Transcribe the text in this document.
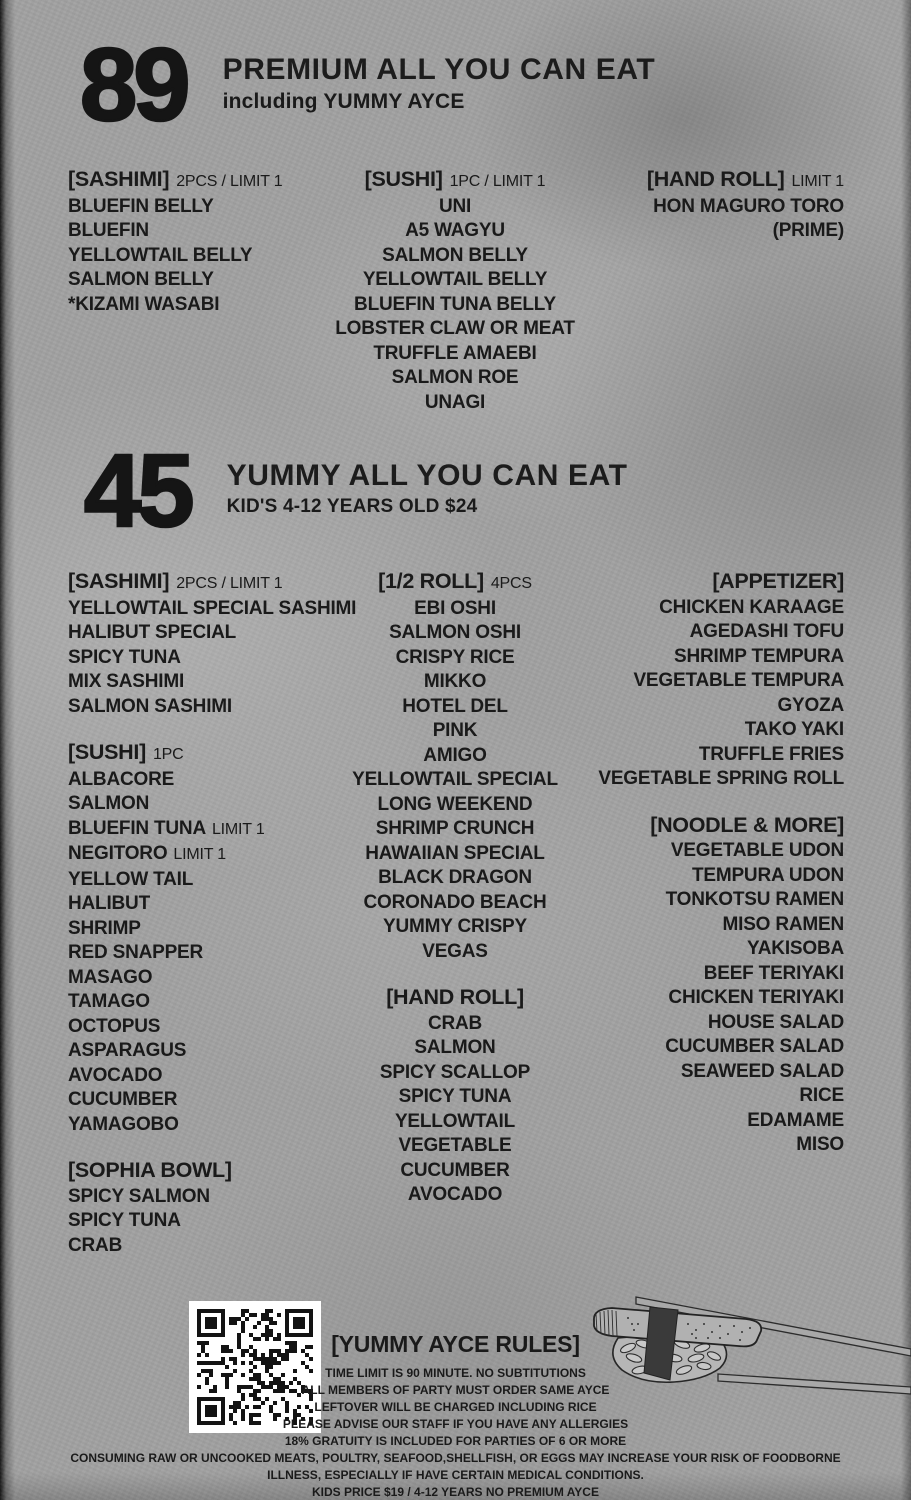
89 PREMIUM ALL YOU CAN EAT
including YUMMY AYCE
[SASHIMI] 2PCS / LIMIT 1
BLUEFIN BELLY
BLUEFIN
YELLOWTAIL BELLY
SALMON BELLY
*KIZAMI WASABI
[SUSHI] 1PC / LIMIT 1
UNI
A5 WAGYU
SALMON BELLY
YELLOWTAIL BELLY
BLUEFIN TUNA BELLY
LOBSTER CLAW OR MEAT
TRUFFLE AMAEBI
SALMON ROE
UNAGI
[HAND ROLL] LIMIT 1
HON MAGURO TORO
(PRIME)
45 YUMMY ALL YOU CAN EAT
KID'S 4-12 YEARS OLD $24
[SASHIMI] 2PCS / LIMIT 1
YELLOWTAIL SPECIAL SASHIMI
HALIBUT SPECIAL
SPICY TUNA
MIX SASHIMI
SALMON SASHIMI
[SUSHI] 1PC
ALBACORE
SALMON
BLUEFIN TUNA LIMIT 1
NEGITORO LIMIT 1
YELLOW TAIL
HALIBUT
SHRIMP
RED SNAPPER
MASAGO
TAMAGO
OCTOPUS
ASPARAGUS
AVOCADO
CUCUMBER
YAMAGOBO
[SOPHIA BOWL]
SPICY SALMON
SPICY TUNA
CRAB
[1/2 ROLL] 4PCS
EBI OSHI
SALMON OSHI
CRISPY RICE
MIKKO
HOTEL DEL
PINK
AMIGO
YELLOWTAIL SPECIAL
LONG WEEKEND
SHRIMP CRUNCH
HAWAIIAN SPECIAL
BLACK DRAGON
CORONADO BEACH
YUMMY CRISPY
VEGAS
[HAND ROLL]
CRAB
SALMON
SPICY SCALLOP
SPICY TUNA
YELLOWTAIL
VEGETABLE
CUCUMBER
AVOCADO
[APPETIZER]
CHICKEN KARAAGE
AGEDASHI TOFU
SHRIMP TEMPURA
VEGETABLE TEMPURA
GYOZA
TAKO YAKI
TRUFFLE FRIES
VEGETABLE SPRING ROLL
[NOODLE & MORE]
VEGETABLE UDON
TEMPURA UDON
TONKOTSU RAMEN
MISO RAMEN
YAKISOBA
BEEF TERIYAKI
CHICKEN TERIYAKI
HOUSE SALAD
CUCUMBER SALAD
SEAWEED SALAD
RICE
EDAMAME
MISO
[YUMMY AYCE RULES]
TIME LIMIT IS 90 MINUTE. NO SUBTITUTIONS
ALL MEMBERS OF PARTY MUST ORDER SAME AYCE
LEFTOVER WILL BE CHARGED INCLUDING RICE
PLEASE ADVISE OUR STAFF IF YOU HAVE ANY ALLERGIES
18% GRATUITY IS INCLUDED FOR PARTIES OF 6 OR MORE
CONSUMING RAW OR UNCOOKED MEATS, POULTRY, SEAFOOD,SHELLFISH, OR EGGS MAY INCREASE YOUR RISK OF FOODBORNE
ILLNESS, ESPECIALLY IF HAVE CERTAIN MEDICAL CONDITIONS.
KIDS PRICE $19 / 4-12 YEARS NO PREMIUM AYCE
